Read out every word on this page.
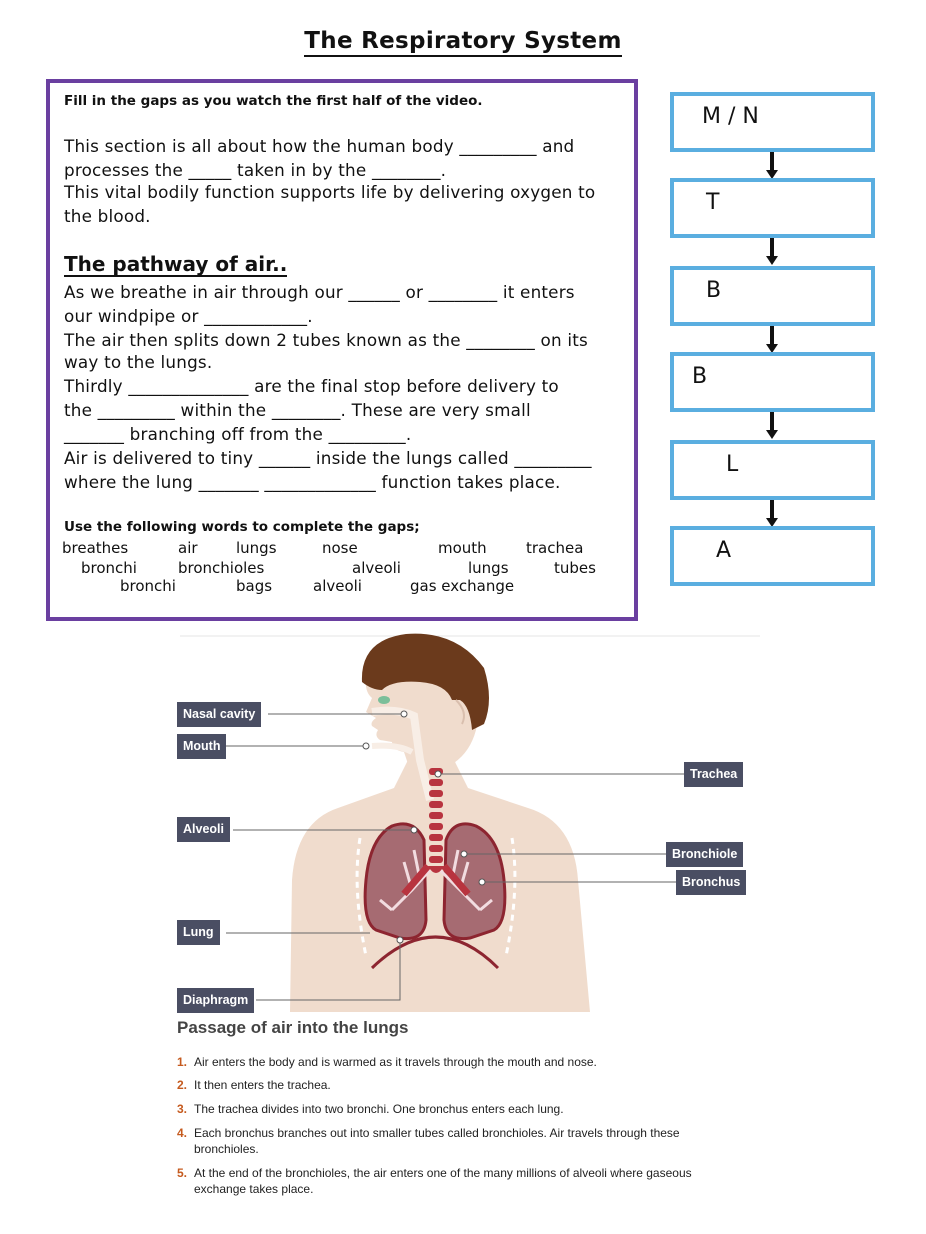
The Respiratory System
Fill in the gaps as you watch the first half of the video.
This section is all about how the human body _________ and
processes the _____ taken in by the ________.
This vital bodily function supports life by delivering oxygen to
the blood.
The pathway of air..
As we breathe in air through our ______ or ________ it enters
our windpipe or ____________.
The air then splits down 2 tubes known as the ________ on its
way to the lungs.
Thirdly ______________ are the final stop before delivery to
the _________ within the ________. These are very small
_______ branching off from the _________.
Air is delivered to tiny ______ inside the lungs called _________
where the lung _______ _____________ function takes place.
Use the following words to complete the gaps;
breathes	air	lungs	nose	mouth	trachea
bronchi	bronchioles	alveoli	lungs	tubes
bronchi	bags	alveoli	gas exchange
M / N
T
B
B
L
A
Nasal cavity
Mouth
Trachea
Alveoli
Bronchiole
Bronchus
Lung
Diaphragm
Passage of air into the lungs
1. Air enters the body and is warmed as it travels through the mouth and nose.
2. It then enters the trachea.
3. The trachea divides into two bronchi. One bronchus enters each lung.
4. Each bronchus branches out into smaller tubes called bronchioles. Air travels through these bronchioles.
5. At the end of the bronchioles, the air enters one of the many millions of alveoli where gaseous exchange takes place.
